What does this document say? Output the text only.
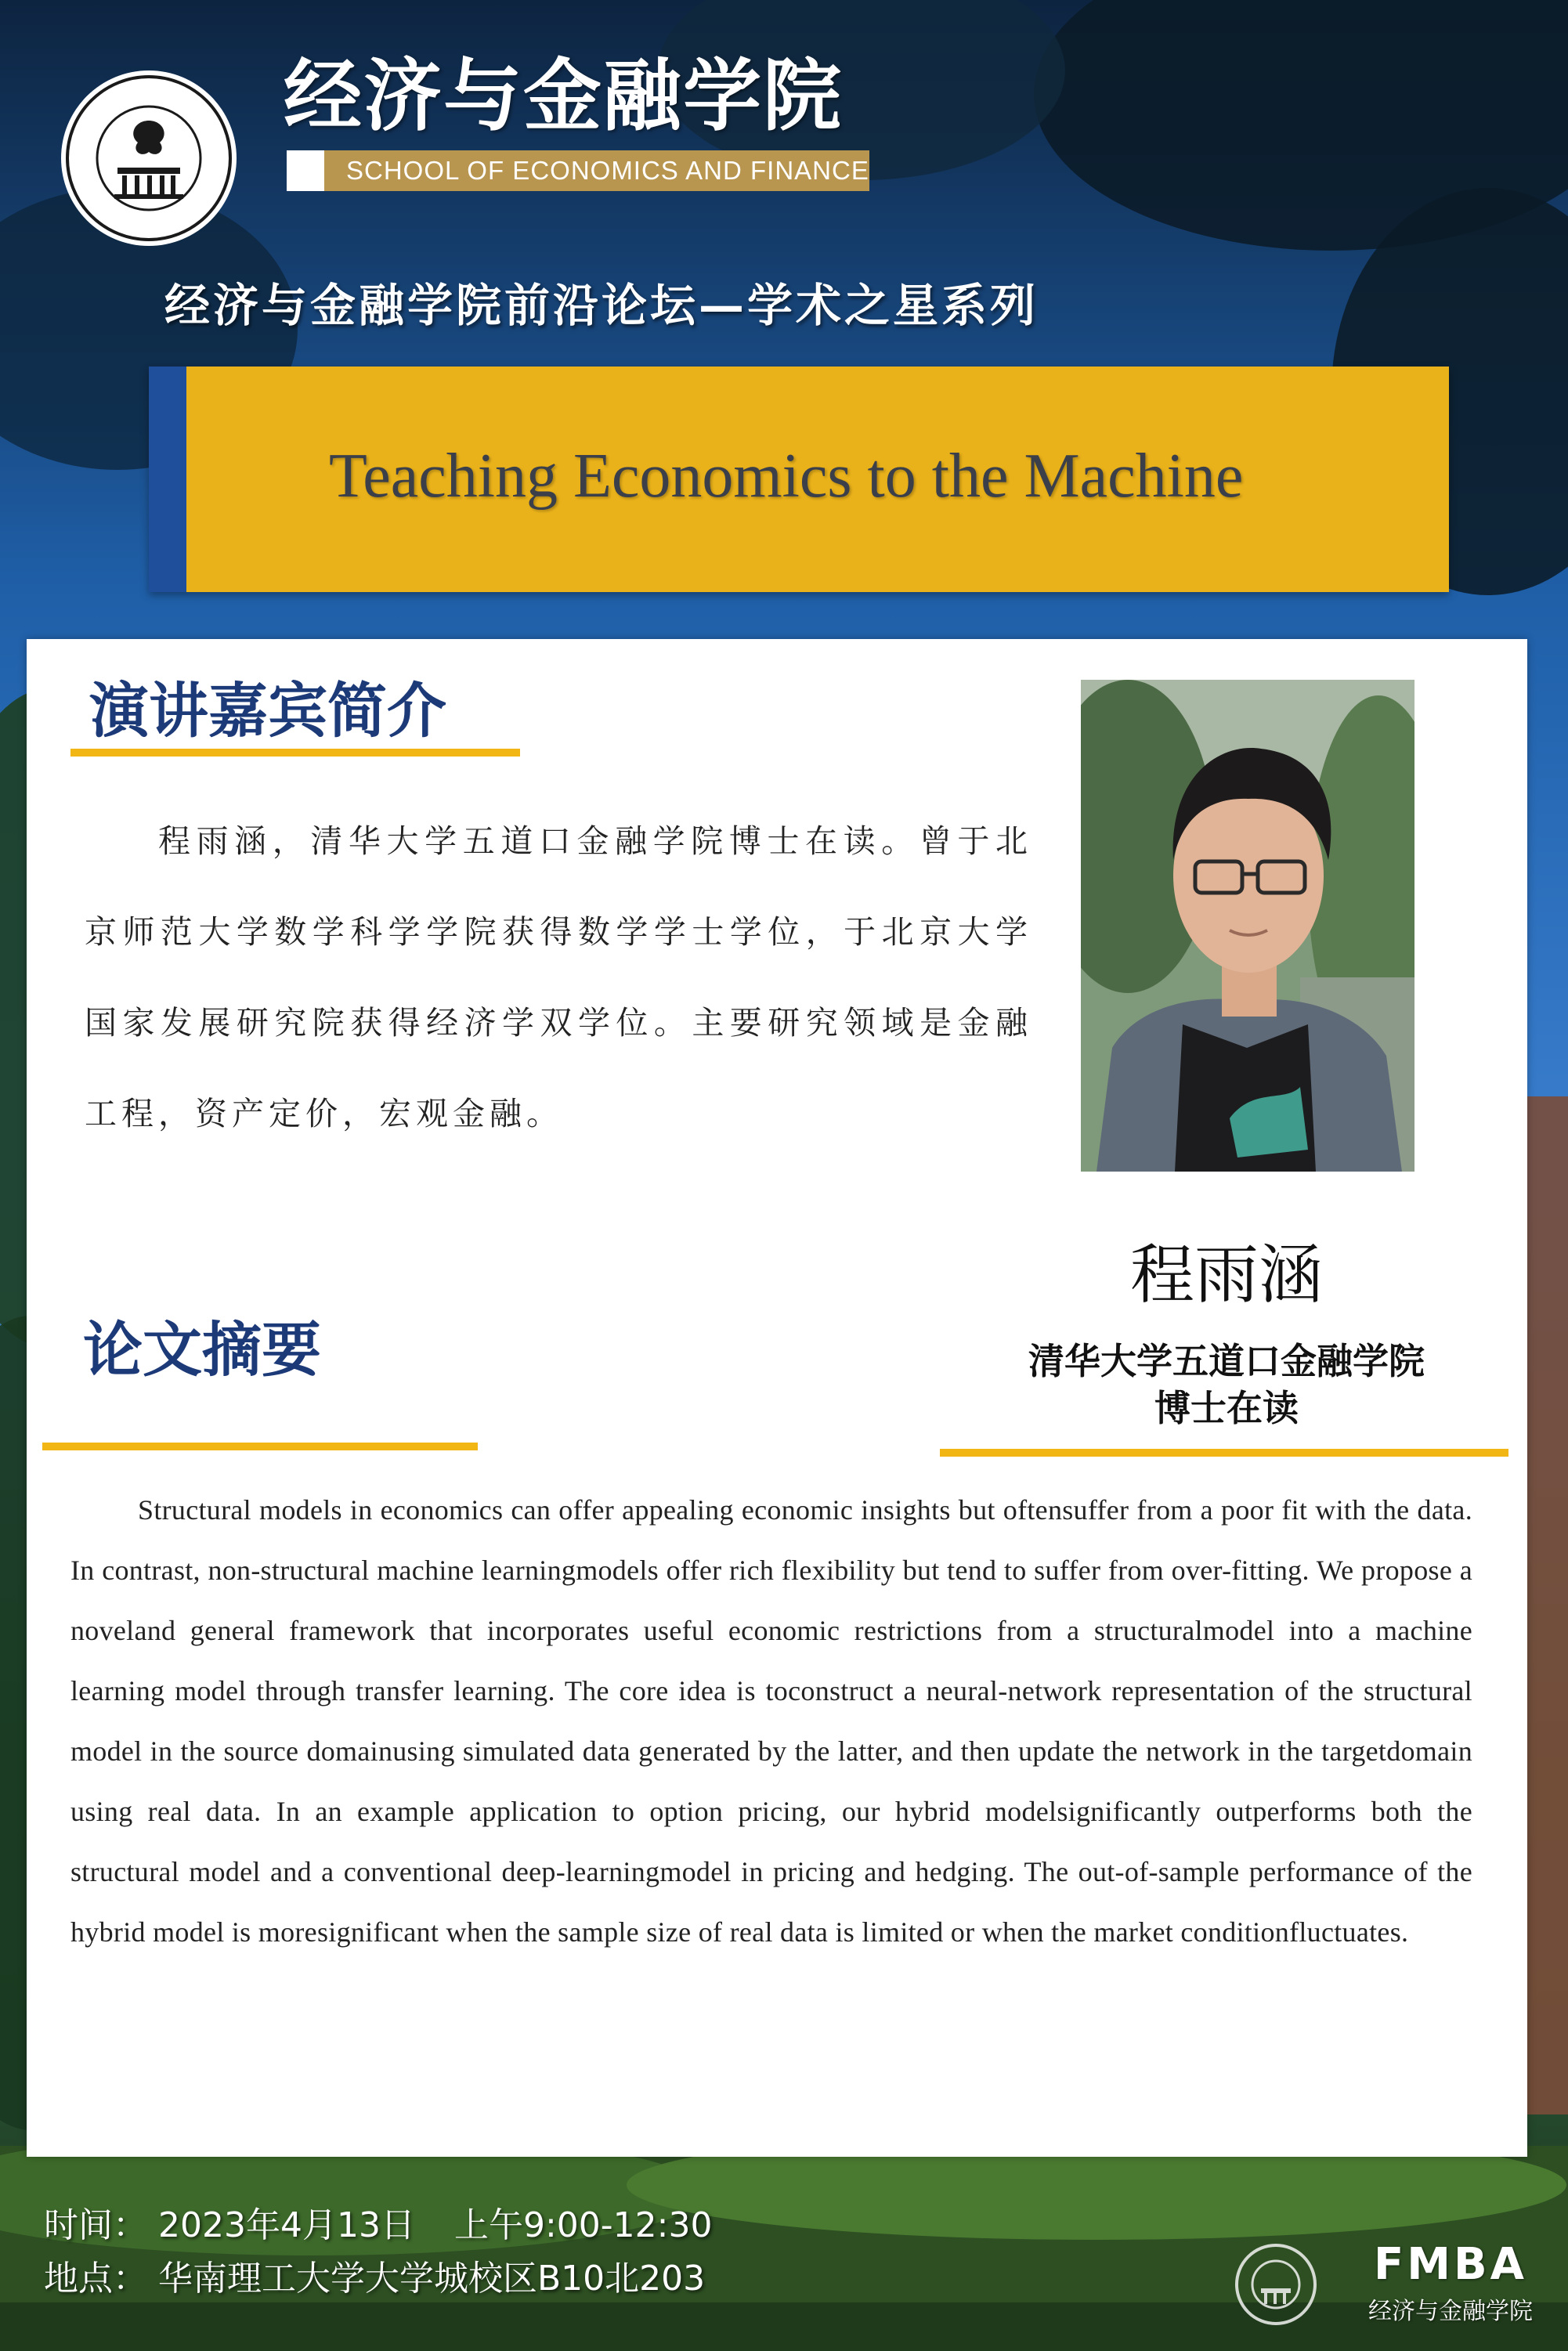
经济与金融学院
SCHOOL OF ECONOMICS AND FINANCE
经济与金融学院前沿论坛—学术之星系列
Teaching Economics to the Machine
演讲嘉宾简介
程雨涵，清华大学五道口金融学院博士在读。曾于北京师范大学数学科学学院获得数学学士学位，于北京大学国家发展研究院获得经济学双学位。主要研究领域是金融工程，资产定价，宏观金融。
程雨涵
清华大学五道口金融学院
博士在读
论文摘要
Structural models in economics can offer appealing economic insights but oftensuffer from a poor fit with the data. In contrast, non-structural machine learningmodels offer rich flexibility but tend to suffer from over-fitting. We propose a noveland general framework that incorporates useful economic restrictions from a structuralmodel into a machine learning model through transfer learning. The core idea is toconstruct a neural-network representation of the structural model in the source domainusing simulated data generated by the latter, and then update the network in the targetdomain using real data. In an example application to option pricing, our hybrid modelsignificantly outperforms both the structural model and a conventional deep-learningmodel in pricing and hedging. The out-of-sample performance of the hybrid model is moresignificant when the sample size of real data is limited or when the market conditionfluctuates.
时间： 2023年4月13日 上午9:00-12:30
地点： 华南理工大学大学城校区B10北203	FMBA
经济与金融学院
